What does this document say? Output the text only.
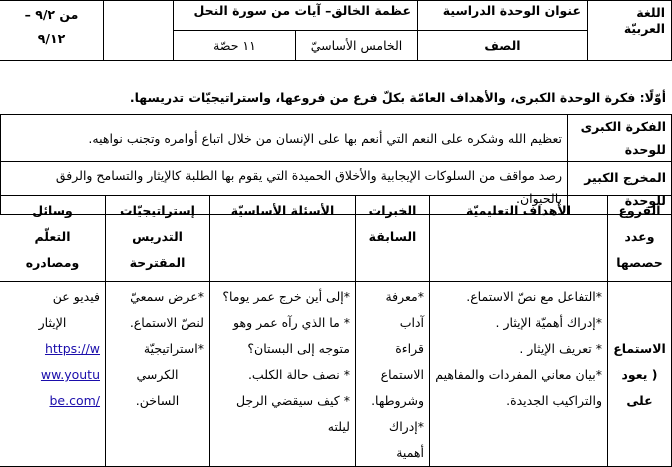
اللغة العربيّة	عنوان الوحدة الدراسية	عظمة الخالق– آيات من سورة النحل			من ٩/٢ –
٩/١٢

	الصف	الخامس الأساسيّ	١١ حصّة		
أوّلًا: فكرة الوحدة الكبرى، والأهداف العامّة بكلّ فرع من فروعها، واستراتيجيّات تدريسها.
الفكرة الكبرى للوحدة	تعظيم الله وشكره على النعم التي أنعم بها على الإنسان من خلال اتباع أوامره وتجنب نواهيه.
المخرج الكبير للوحدة	رصد مواقف من السلوكات الإيجابية والأخلاق الحميدة التي يقوم بها الطلبة كالإيثار والتسامح والرفق
بالحيوان.
الفروع
وعدد
حصصها	الأهداف التعليميّة	الخبرات
السابقة	الأسئلة الأساسيّة	إستراتيجيّات
التدريس
المقترحة	وسائل
التعلّم
ومصادره

الاستماع
( يعود
على	*التفاعل مع نصّ الاستماع.
*إدراك أهميّة الإيثار .
* تعريف الإيثار .
*بيان معاني المفردات والمفاهيم
والتراكيب الجديدة.	*معرفة آداب
قراءة
الاستماع
وشروطها.
*إدراك أهمية	*إلى أين خرج عمر يوما؟
* ما الذي رآه عمر وهو
متوجه إلى البستان؟
* نصف حالة الكلب.
* كيف سيقضي الرجل ليلته	*عرض سمعيّ
لنصّ الاستماع.
*استراتيجيّة
الكرسي
الساخن.	فيديو عن
الإيثار
https://w
ww.youtu
be.com/
